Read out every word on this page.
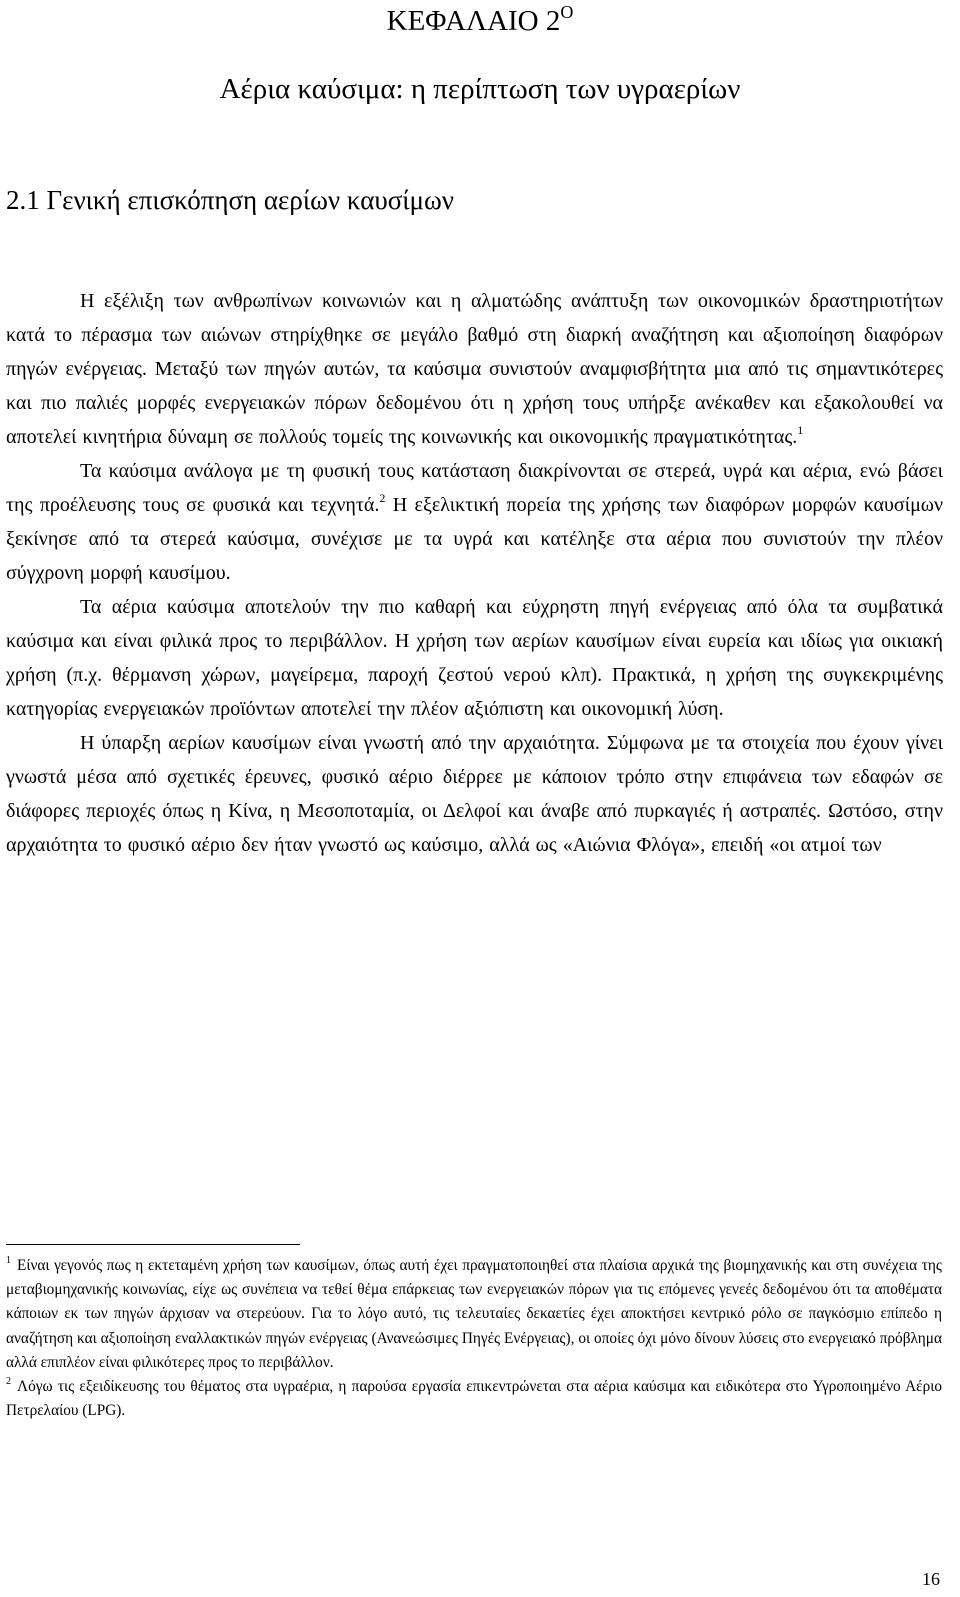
ΚΕΦΑΛΑΙΟ $2^O$
Αέρια καύσιμα: η περίπτωση των υγραερίων
2.1 Γενική επισκόπηση αερίων καυσίμων

Η εξέλιξη των ανθρωπίνων κοινωνιών και η αλματώδης ανάπτυξη των οικονομικών δραστηριοτήτων κατά το πέρασμα των αιώνων στηρίχθηκε σε μεγάλο βαθμό στη διαρκή αναζήτηση και αξιοποίηση διαφόρων πηγών ενέργειας. Μεταξύ των πηγών αυτών, τα καύσιμα συνιστούν αναμφισβήτητα μια από τις σημαντικότερες και πιο παλιές μορφές ενεργειακών πόρων δεδομένου ότι η χρήση τους υπήρξε ανέκαθεν και εξακολουθεί να αποτελεί κινητήρια δύναμη σε πολλούς τομείς της κοινωνικής και οικονομικής πραγματικότητας.$^1$

Τα καύσιμα ανάλογα με τη φυσική τους κατάσταση διακρίνονται σε στερεά, υγρά και αέρια, ενώ βάσει της προέλευσης τους σε φυσικά και τεχνητά.$^2$ Η εξελικτική πορεία της χρήσης των διαφόρων μορφών καυσίμων ξεκίνησε από τα στερεά καύσιμα, συνέχισε με τα υγρά και κατέληξε στα αέρια που συνιστούν την πλέον σύγχρονη μορφή καυσίμου.

Τα αέρια καύσιμα αποτελούν την πιο καθαρή και εύχρηστη πηγή ενέργειας από όλα τα συμβατικά καύσιμα και είναι φιλικά προς το περιβάλλον. Η χρήση των αερίων καυσίμων είναι ευρεία και ιδίως για οικιακή χρήση (π.χ. θέρμανση χώρων, μαγείρεμα, παροχή ζεστού νερού κλπ). Πρακτικά, η χρήση της συγκεκριμένης κατηγορίας ενεργειακών προϊόντων αποτελεί την πλέον αξιόπιστη και οικονομική λύση.

Η ύπαρξη αερίων καυσίμων είναι γνωστή από την αρχαιότητα. Σύμφωνα με τα στοιχεία που έχουν γίνει γνωστά μέσα από σχετικές έρευνες, φυσικό αέριο διέρρεε με κάποιον τρόπο στην επιφάνεια των εδαφών σε διάφορες περιοχές όπως η Κίνα, η Μεσοποταμία, οι Δελφοί και άναβε από πυρκαγιές ή αστραπές. Ωστόσο, στην αρχαιότητα το φυσικό αέριο δεν ήταν γνωστό ως καύσιμο, αλλά ως «Αιώνια Φλόγα», επειδή «οι ατμοί των

$^1$ Είναι γεγονός πως η εκτεταμένη χρήση των καυσίμων, όπως αυτή έχει πραγματοποιηθεί στα πλαίσια αρχικά της βιομηχανικής και στη συνέχεια της μεταβιομηχανικής κοινωνίας, είχε ως συνέπεια να τεθεί θέμα επάρκειας των ενεργειακών πόρων για τις επόμενες γενεές δεδομένου ότι τα αποθέματα κάποιων εκ των πηγών άρχισαν να στερεύουν. Για το λόγο αυτό, τις τελευταίες δεκαετίες έχει αποκτήσει κεντρικό ρόλο σε παγκόσμιο επίπεδο η αναζήτηση και αξιοποίηση εναλλακτικών πηγών ενέργειας (Ανανεώσιμες Πηγές Ενέργειας), οι οποίες όχι μόνο δίνουν λύσεις στο ενεργειακό πρόβλημα αλλά επιπλέον είναι φιλικότερες προς το περιβάλλον.

$^2$ Λόγω τις εξειδίκευσης του θέματος στα υγραέρια, η παρούσα εργασία επικεντρώνεται στα αέρια καύσιμα και ειδικότερα στο Υγροποιημένο Αέριο Πετρελαίου (LPG).

16
